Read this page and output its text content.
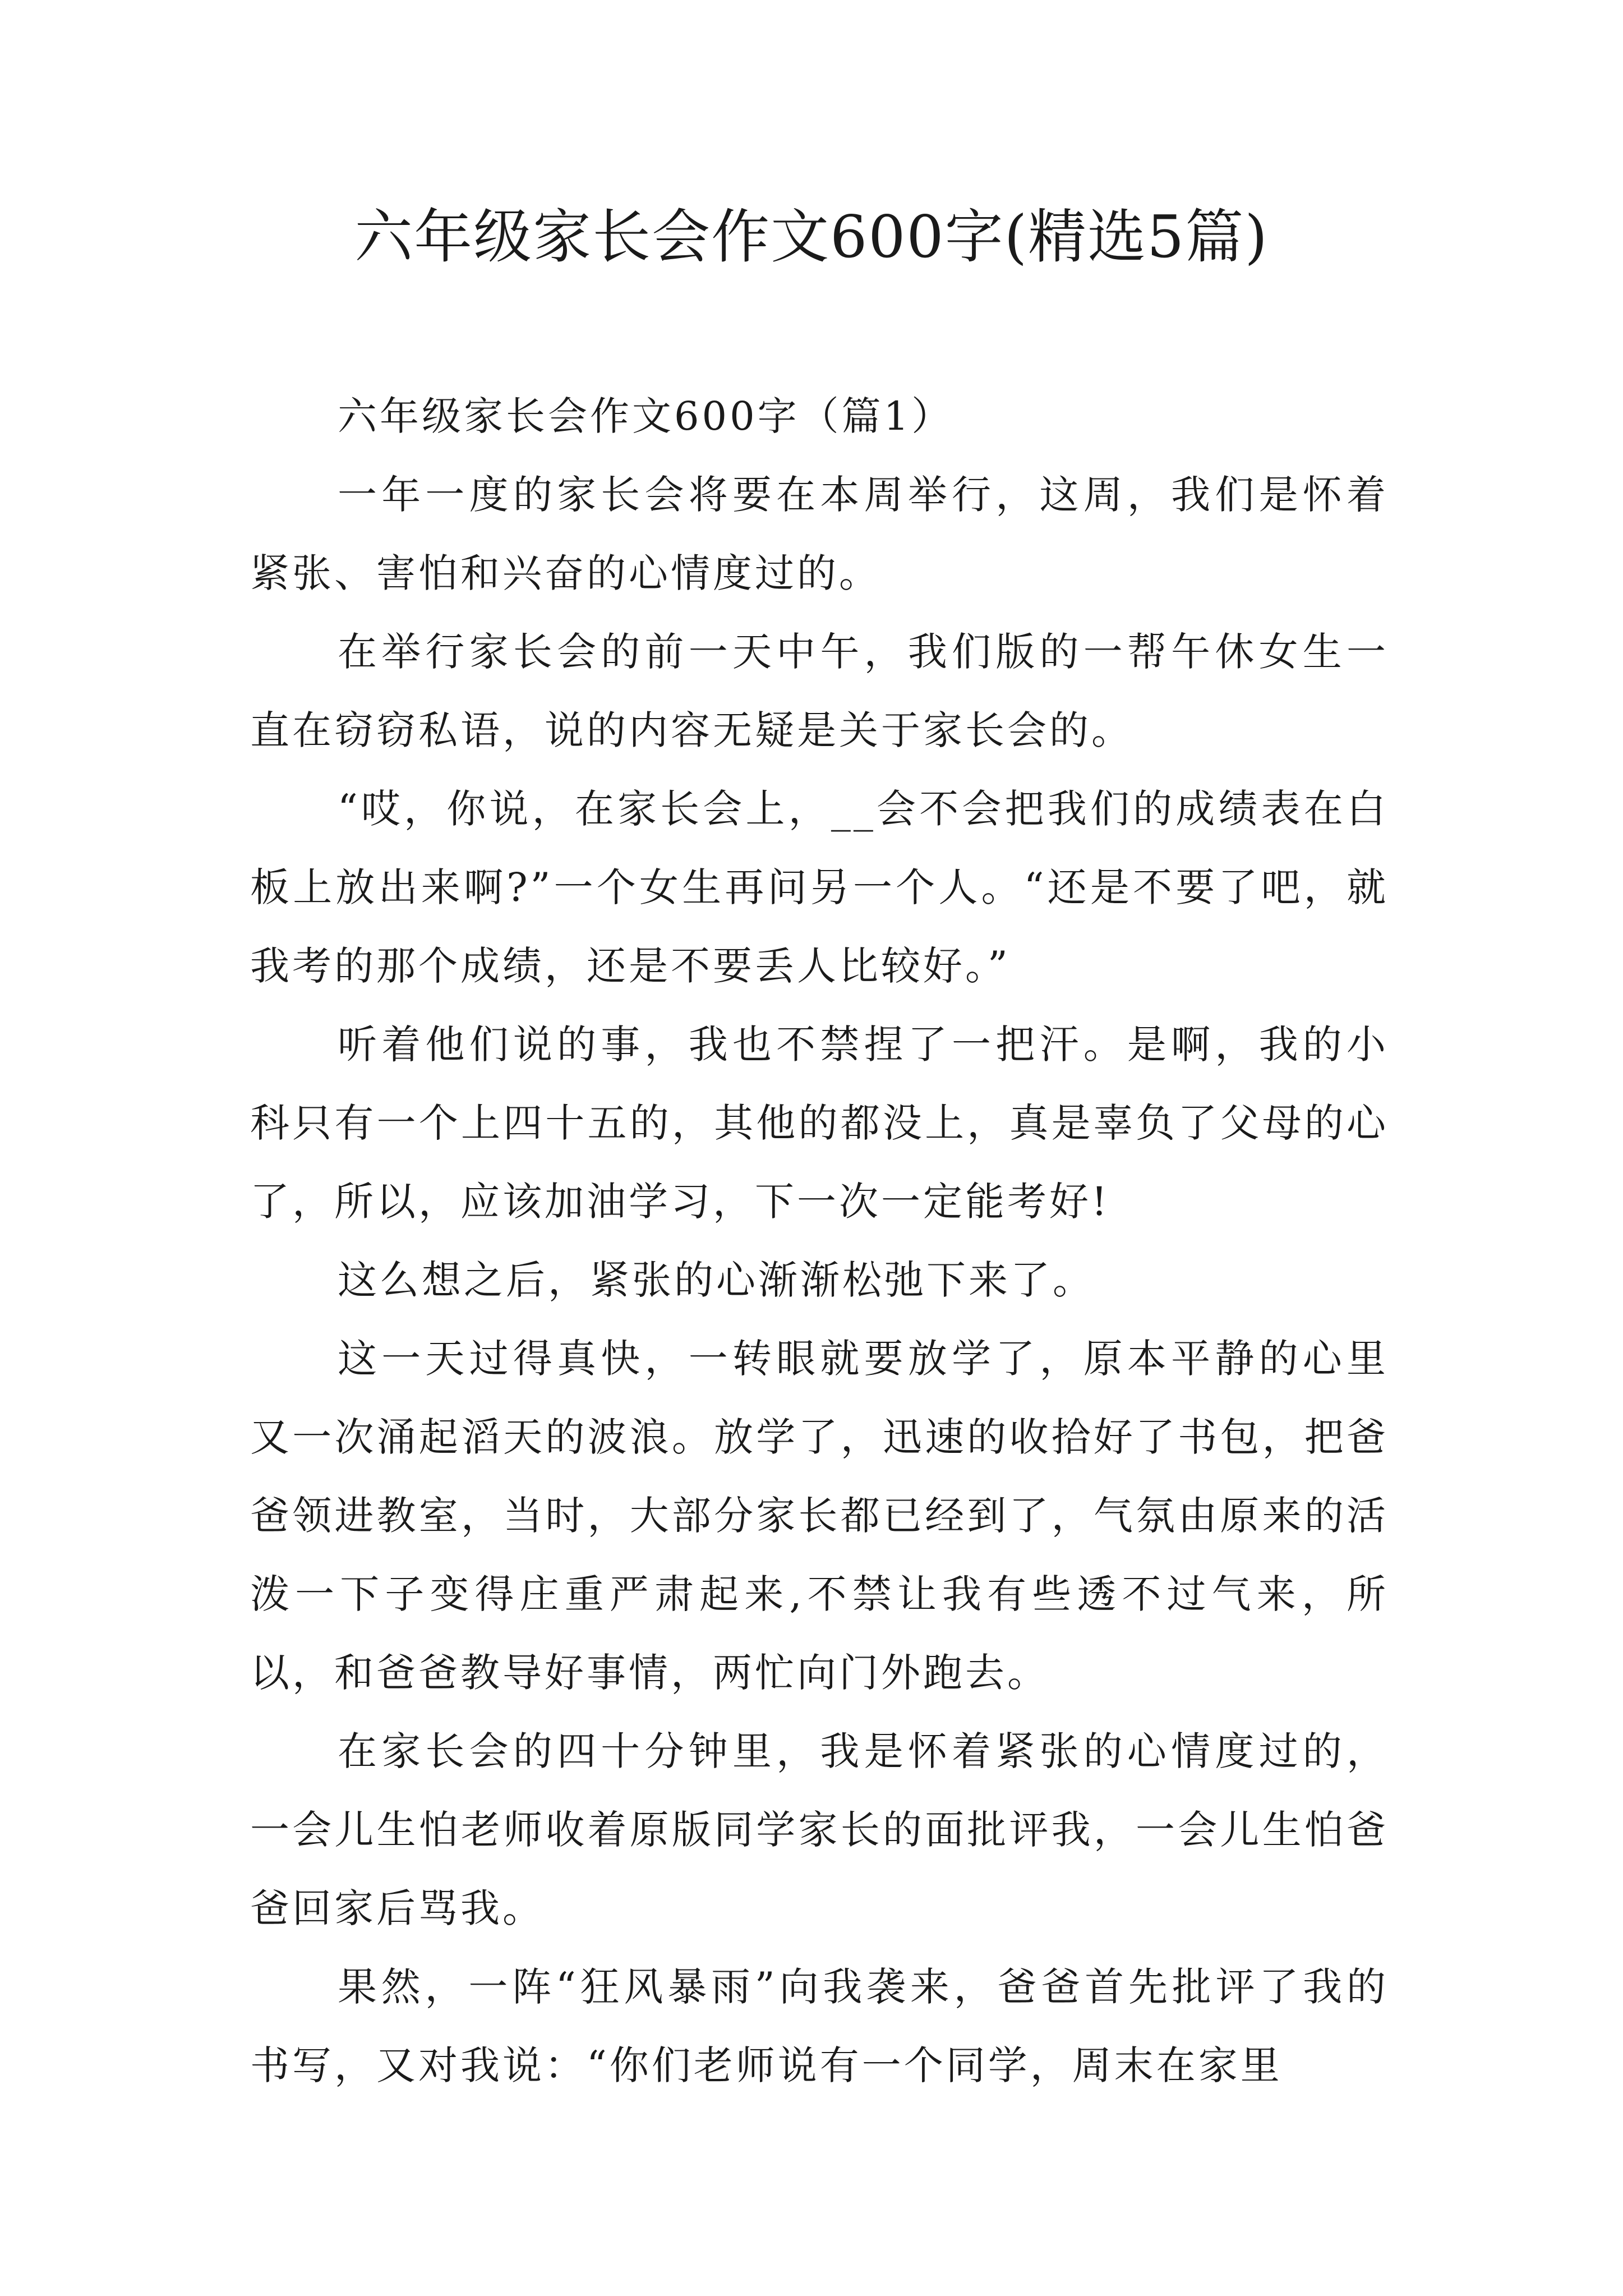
六年级家长会作文600字(精选5篇)

六年级家长会作文600字（篇1）

一年一度的家长会将要在本周举行，这周，我们是怀着紧张、害怕和兴奋的心情度过的。

在举行家长会的前一天中午，我们版的一帮午休女生一直在窃窃私语，说的内容无疑是关于家长会的。

“哎，你说，在家长会上，__会不会把我们的成绩表在白板上放出来啊?”一个女生再问另一个人。“还是不要了吧，就我考的那个成绩，还是不要丢人比较好。”

听着他们说的事，我也不禁捏了一把汗。是啊，我的小科只有一个上四十五的，其他的都没上，真是辜负了父母的心了，所以，应该加油学习，下一次一定能考好!

这么想之后，紧张的心渐渐松弛下来了。

这一天过得真快，一转眼就要放学了，原本平静的心里又一次涌起滔天的波浪。放学了，迅速的收拾好了书包，把爸爸领进教室，当时，大部分家长都已经到了，气氛由原来的活泼一下子变得庄重严肃起来,不禁让我有些透不过气来，所以，和爸爸教导好事情，两忙向门外跑去。

在家长会的四十分钟里，我是怀着紧张的心情度过的，一会儿生怕老师收着原版同学家长的面批评我，一会儿生怕爸爸回家后骂我。

果然，一阵“狂风暴雨”向我袭来，爸爸首先批评了我的书写，又对我说：“你们老师说有一个同学，周末在家里
